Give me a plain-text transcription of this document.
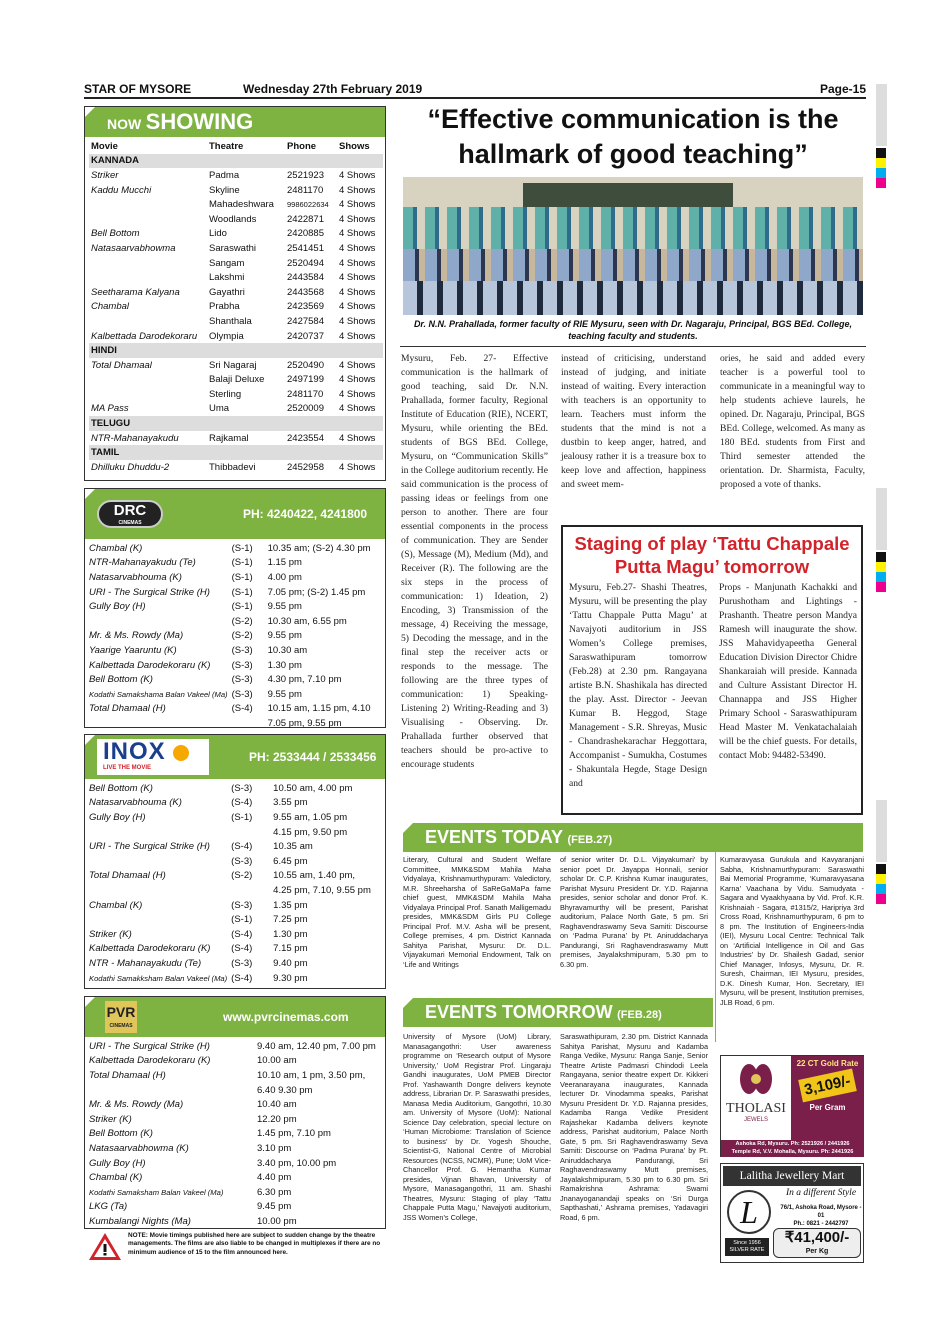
STAR OF MYSORE	Wednesday 27th February 2019	Page-15
NOW SHOWING
Movie	Theatre	Phone	Shows
KANNADA			
Striker	Padma	2521923	4 Shows
Kaddu Mucchi	Skyline	2481170	4 Shows
	Mahadeshwara	9986022634	4 Shows
	Woodlands	2422871	4 Shows
Bell Bottom	Lido	2420885	4 Shows
Natasaarvabhowma	Saraswathi	2541451	4 Shows
	Sangam	2520494	4 Shows
	Lakshmi	2443584	4 Shows
Seetharama Kalyana	Gayathri	2443568	4 Shows
Chambal	Prabha	2423569	4 Shows
	Shanthala	2427584	4 Shows
Kalbettada Darodekoraru	Olympia	2420737	4 Shows
HINDI			
Total Dhamaal	Sri Nagaraj	2520490	4 Shows
	Balaji Deluxe	2497199	4 Shows
	Sterling	2481170	4 Shows
MA Pass	Uma	2520009	4 Shows
TELUGU			
NTR-Mahanayakudu	Rajkamal	2423554	4 Shows
TAMIL			
Dhilluku Dhuddu-2	Thibbadevi	2452958	4 Shows
DRC
CINEMAS
PH: 4240422, 4241800
Chambal (K)	(S-1)	10.35 am; (S-2) 4.30 pm
NTR-Mahanayakudu (Te)	(S-1)	1.15 pm
Natasarvabhouma (K)	(S-1)	4.00 pm
URI - The Surgical Strike (H)	(S-1)	7.05 pm; (S-2) 1.45 pm
Gully Boy (H)	(S-1)	9.55 pm
	(S-2)	10.30 am, 6.55 pm
Mr. & Ms. Rowdy (Ma)	(S-2)	9.55 pm
Yaarige Yaaruntu (K)	(S-3)	10.30 am
Kalbettada Darodekoraru (K)	(S-3)	1.30 pm
Bell Bottom (K)	(S-3)	4.30 pm, 7.10 pm
Kodathi Samakshama Balan Vakeel (Ma)	(S-3)	9.55 pm
Total Dhamaal (H)	(S-4)	10.15 am, 1.15 pm, 4.10
		7.05 pm, 9.55 pm
INOX
LIVE THE MOVIE
PH: 2533444 / 2533456
Bell Bottom (K)	(S-3)	10.50 am, 4.00 pm
Natasarvabhouma (K)	(S-4)	3.55 pm
Gully Boy (H)	(S-1)	9.55 am, 1.05 pm
		4.15 pm, 9.50 pm
URI - The Surgical Strike (H)	(S-4)	10.35 am
	(S-3)	6.45 pm
Total Dhamaal (H)	(S-2)	10.55 am, 1.40 pm,
		4.25 pm, 7.10, 9.55 pm
Chambal (K)	(S-3)	1.35 pm
	(S-1)	7.25 pm
Striker (K)	(S-4)	1.30 pm
Kalbettada Darodekoraru (K)	(S-4)	7.15 pm
NTR - Mahanayakudu (Te)	(S-3)	9.40 pm
Kodathi Samakksham Balan Vakeel (Ma)	(S-4)	9.30 pm
PVR
CINEMAS
www.pvrcinemas.com
URI - The Surgical Strike (H)	9.40 am, 12.40 pm, 7.00 pm
Kalbettada Darodekoraru (K)	10.00 am
Total Dhamaal (H)	10.10 am, 1 pm, 3.50 pm,
	6.40 9.30 pm
Mr. & Ms. Rowdy (Ma)	10.40 am
Striker (K)	12.20 pm
Bell Bottom (K)	1.45 pm, 7.10 pm
Natasaarvabhowma (K)	3.10 pm
Gully Boy (H)	3.40 pm, 10.00 pm
Chambal (K)	4.40 pm
Kodathi Samaksham Balan Vakeel (Ma)	6.30 pm
LKG (Ta)	9.45 pm
Kumbalangi Nights (Ma)	10.00 pm
NOTE: Movie timings published here are subject to sudden change by the theatre managements. The films are also liable to be changed in multiplexes if there are no minimum audience of 15 to the film announced here.
“Effective communication is the
hallmark of good teaching”
Dr. N.N. Prahallada, former faculty of RIE Mysuru, seen with Dr. Nagaraju, Principal, BGS BEd. College, teaching faculty and students.
Mysuru, Feb. 27- Effective communication is the hallmark of good teaching, said Dr. N.N. Prahallada, former faculty, Regional Institute of Education (RIE), NCERT, Mysuru, while orienting the BEd. students of BGS BEd. College, Mysuru, on “Communication Skills” in the College auditorium recently. He said communication is the process of passing ideas or feelings from one person to another. There are four essential components in the process of communication. They are Sender (S), Message (M), Medium (Md), and Receiver (R). The following are the six steps in the process of communication: 1) Ideation, 2) Encoding, 3) Transmission of the message, 4) Receiving the message, 5) Decoding the message, and in the final step the receiver acts or responds to the message. The following are the three types of communication: 1) Speaking-Listening 2) Writing-Reading and 3) Visualising - Observing. Dr. Prahallada further observed that teachers should be pro-active to encourage students
instead of criticising, understand instead of judging, and initiate instead of waiting. Every interaction with teachers is an opportunity to learn. Teachers must inform the students that the mind is not a dustbin to keep anger, hatred, and jealousy rather it is a treasure box to keep love and affection, happiness and sweet mem-
ories, he said and added every teacher is a powerful tool to communicate in a meaningful way to help students achieve laurels, he opined. Dr. Nagaraju, Principal, BGS BEd. College, welcomed. As many as 180 BEd. students from First and Third semester attended the orientation. Dr. Sharmista, Faculty, proposed a vote of thanks.
Staging of play ‘Tattu Chappale
Putta Magu’ tomorrow
Mysuru, Feb.27- Shashi Theatres, Mysuru, will be presenting the play ‘Tattu Chappale Putta Magu’ at Navajyoti auditorium in JSS Women’s College premises, Saraswathipuram tomorrow (Feb.28) at 2.30 pm. Rangayana artiste B.N. Shashikala has directed the play. Asst. Director - Jeevan Kumar B. Heggod, Stage Management - S.R. Shreyas, Music - Chandrashekarachar Heggottara, Accompanist - Sumukha, Costumes - Shakuntala Hegde, Stage Design and
Props - Manjunath Kachakki and Purushotham and Lightings - Prashanth. Theatre person Mandya Ramesh will inaugurate the show. JSS Mahavidyapeetha General Education Division Director Chidre Shankaraiah will preside. Kannada and Culture Assistant Director H. Channappa and JSS Higher Primary School - Saraswathipuram Head Master M. Venkatachalaiah will be the chief guests. For details, contact Mob: 94482-53490.
EVENTS TODAY (FEB.27)
Literary, Cultural and Student Welfare Committee, MMK&SDM Mahila Maha Vidyalaya, Krishnamurthypuram: Valedictory, M.R. Shreeharsha of SaReGaMaPa fame chief guest, MMK&SDM Mahila Maha Vidyalaya Principal Prof. Sanath Malligemadu presides, MMK&SDM Girls PU College Principal Prof. M.V. Asha will be present, College premises, 4 pm. District Kannada Sahitya Parishat, Mysuru: Dr. D.L. Vijayakumari Memorial Endowment, Talk on ‘Life and Writings
of senior writer Dr. D.L. Vijayakumari’ by senior poet Dr. Jayappa Honnali, senior scholar Dr. C.P. Krishna Kumar inaugurates, Parishat Mysuru President Dr. Y.D. Rajanna presides, senior scholar and donor Prof. K. Bhyravamurthy will be present, Parishat auditorium, Palace North Gate, 5 pm. Sri Raghavendraswamy Seva Samiti: Discourse on ‘Padma Purana’ by Pt. Aniruddacharya Pandurangi, Sri Raghavendraswamy Mutt premises, Jayalakshmipuram, 5.30 pm to 6.30 pm.
Kumaravyasa Gurukula and Kavyaranjani Sabha, Krishnamurthypuram: Saraswathi Bai Memorial Programme, ‘Kumaravyasana Karna’ Vaachana by Vidu. Samudyata - Sagara and Vyaakhyaana by Vid. Prof. K.R. Krishnaiah - Sagara, #1315/2, Haripriya 3rd Cross Road, Krishnamurthypuram, 6 pm to 8 pm. The Institution of Engineers-India (IEI), Mysuru Local Centre: Technical Talk on ‘Artificial Intelligence in Oil and Gas Industries’ by Dr. Shailesh Gadad, senior Chief Manager, Infosys, Mysuru, Dr. R. Suresh, Chairman, IEI Mysuru, presides, D.K. Dinesh Kumar, Hon. Secretary, IEI Mysuru, will be present, Institution premises, JLB Road, 6 pm.
EVENTS TOMORROW (FEB.28)
University of Mysore (UoM) Library, Manasagangothri: User awareness programme on ‘Research output of Mysore University,’ UoM Registrar Prof. Lingaraju Gandhi inaugurates, UoM PMEB Director Prof. Yashawanth Dongre delivers keynote address, Librarian Dr. P. Saraswathi presides, Manasa Media Auditorium, Gangothri, 10.30 am. University of Mysore (UoM): National Science Day celebration, special lecture on ‘Human Microbiome: Translation of Science to business’ by Dr. Yogesh Shouche, Scientist-G, National Centre of Microbial Resources (NCSS, NCMR), Pune; UoM Vice-Chancellor Prof. G. Hemantha Kumar presides, Vijnan Bhavan, University of Mysore, Manasagangothri, 11 am. Shashi Theatres, Mysuru: Staging of play ‘Tattu Chappale Putta Magu,’ Navajyoti auditorium, JSS Women’s College,
Saraswathipuram, 2.30 pm. District Kannada Sahitya Parishat, Mysuru and Kadamba Ranga Vedike, Mysuru: Ranga Sanje, Senior Theatre Artiste Padmasri Chindodi Leela Rangayana, senior theatre expert Dr. Kikkeri Veeranarayana inaugurates, Kannada lecturer Dr. Vinodamma speaks, Parishat Mysuru President Dr. Y.D. Rajanna presides, Kadamba Ranga Vedike President Rajashekar Kadamba delivers keynote address, Parishat auditorium, Palace North Gate, 5 pm. Sri Raghavendraswamy Seva Samiti: Discourse on ‘Padma Purana’ by Pt. Aniruddacharya Pandurangi, Sri Raghavendraswamy Mutt premises, Jayalakshmipuram, 5.30 pm to 6.30 pm. Sri Ramakrishna Ashrama: Swami Jnanayoganandaji speaks on ‘Sri Durga Sapthashati,’ Ashrama premises, Yadavagiri Road, 6 pm.
THOLASI
JEWELS
22 CT Gold Rate
3,109/-
Per Gram
Ashoka Rd, Mysuru. Ph: 2521926 / 2441926
Temple Rd, V.V. Mohalla, Mysuru. Ph: 2441926
Lalitha Jewellery Mart
In a different Style
L	76/1, Ashoka Road, Mysore - 01
Ph.: 0821 - 2442797
Since 1956
SILVER RATE
₹41,400/-
Per Kg
